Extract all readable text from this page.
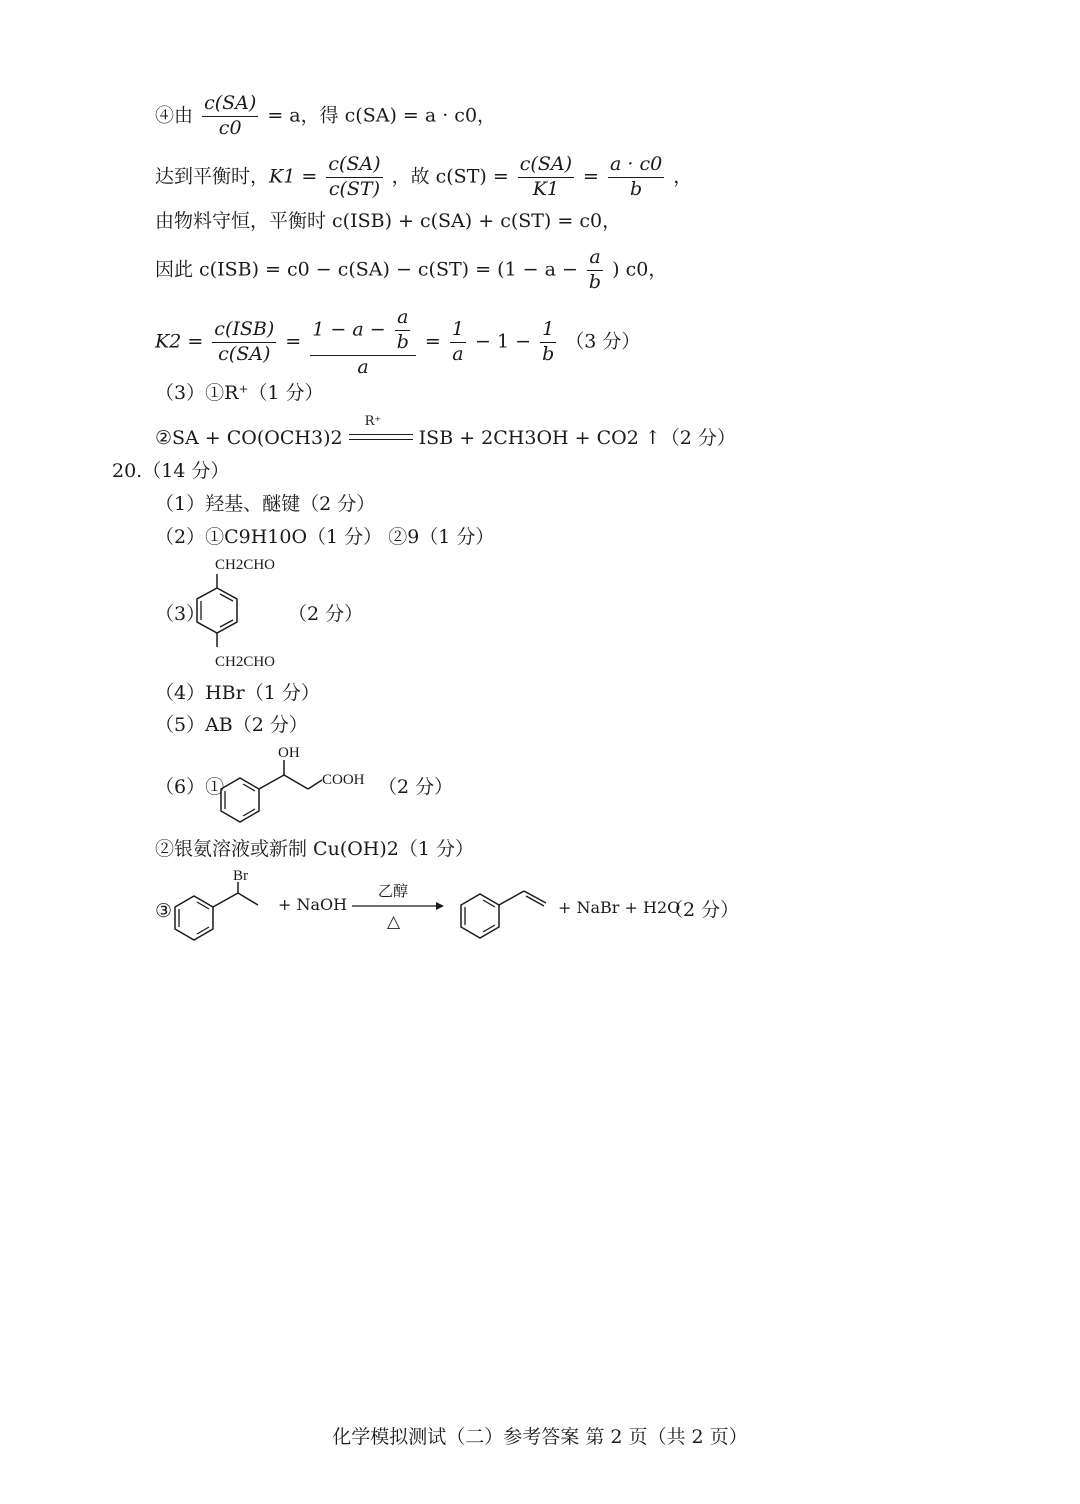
④由 $\frac{c(SA)}{c0} = a$，得 c(SA) = a · c0，
达到平衡时，$K1 = \frac{c(SA)}{c(ST)}$ ，故 $c(ST) = \frac{c(SA)}{K1} = \frac{a \cdot c0}{b}$ ，
由物料守恒，平衡时 c(ISB) + c(SA) + c(ST) = c0，
因此 $c(ISB) = c0 - c(SA) - c(ST) = (1 - a - \frac{a}{b}$ ) c0，
$K2 = \frac{\text{c(ISB)}}{c(SA)} = \frac{1 - a - \frac{a}{b}}{a} = \frac{1}{a} - 1 - \frac{1}{b} (3$ 分）
（3）①R⁺（1 分）
②SA + CO(OCH3)2
R⁺
ISB + 2CH3OH + CO2 ↑（2 分）
20.（14 分）
（1）羟基、醚键（2 分）
（2）①C9H10O（1 分） ②9（1 分）
（3）
CH2CHO
CH2CHO
（2 分）
（4）HBr（1 分）
（5）AB（2 分）
（6）①
OH
COOH （2 分）
②银氨溶液或新制 Cu(OH)2（1 分）
③
Br
+ NaOH
乙醇
△
+ NaBr + H2O
（2 分）
化学模拟测试（二）参考答案 第 2 页（共 2 页）
